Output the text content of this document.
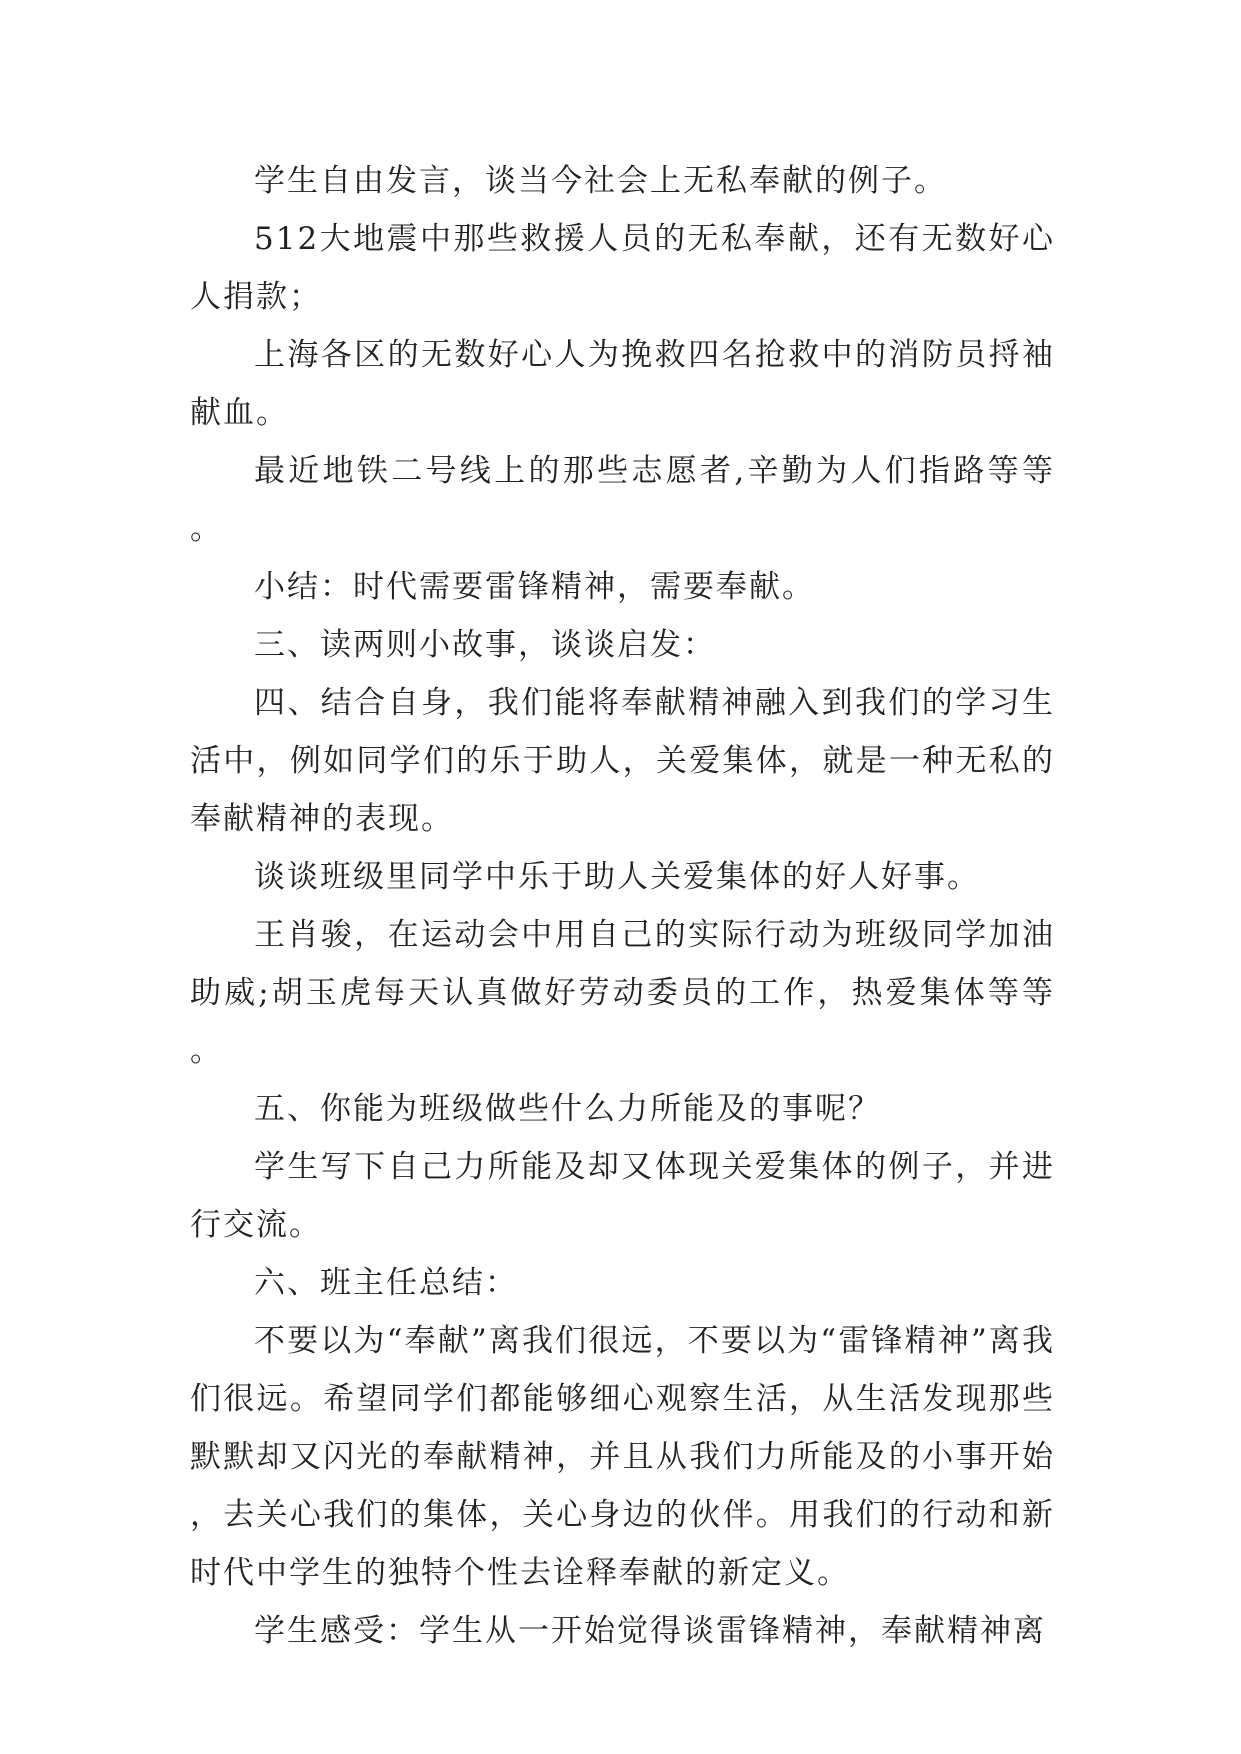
学生自由发言，谈当今社会上无私奉献的例子。

512大地震中那些救援人员的无私奉献，还有无数好心人捐款；

上海各区的无数好心人为挽救四名抢救中的消防员捋袖献血。

最近地铁二号线上的那些志愿者,辛勤为人们指路等等。

小结：时代需要雷锋精神，需要奉献。

三、读两则小故事，谈谈启发：

四、结合自身，我们能将奉献精神融入到我们的学习生活中，例如同学们的乐于助人，关爱集体，就是一种无私的奉献精神的表现。

谈谈班级里同学中乐于助人关爱集体的好人好事。

王肖骏，在运动会中用自己的实际行动为班级同学加油助威;胡玉虎每天认真做好劳动委员的工作，热爱集体等等。

五、你能为班级做些什么力所能及的事呢？

学生写下自己力所能及却又体现关爱集体的例子，并进行交流。

六、班主任总结：

不要以为“奉献”离我们很远，不要以为“雷锋精神”离我们很远。希望同学们都能够细心观察生活，从生活发现那些默默却又闪光的奉献精神，并且从我们力所能及的小事开始，去关心我们的集体，关心身边的伙伴。用我们的行动和新时代中学生的独特个性去诠释奉献的新定义。

学生感受：学生从一开始觉得谈雷锋精神，奉献精神离
